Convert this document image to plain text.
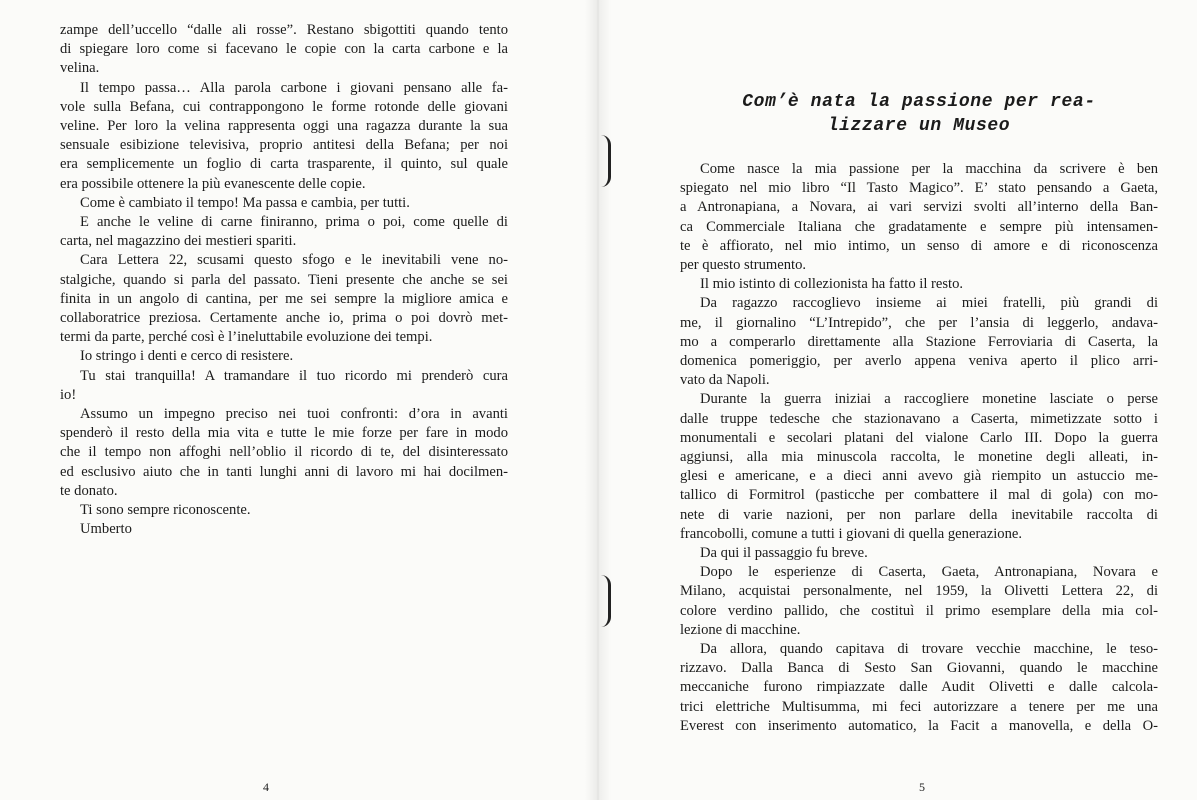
zampe dell’uccello “dalle ali rosse”. Restano sbigottiti quando tento
di spiegare loro come si facevano le copie con la carta carbone e la
velina.
Il tempo passa… Alla parola carbone i giovani pensano alle fa-
vole sulla Befana, cui contrappongono le forme rotonde delle giovani
veline. Per loro la velina rappresenta oggi una ragazza durante la sua
sensuale esibizione televisiva, proprio antitesi della Befana; per noi
era semplicemente un foglio di carta trasparente, il quinto, sul quale
era possibile ottenere la più evanescente delle copie.
Come è cambiato il tempo! Ma passa e cambia, per tutti.
E anche le veline di carne finiranno, prima o poi, come quelle di
carta, nel magazzino dei mestieri spariti.
Cara Lettera 22, scusami questo sfogo e le inevitabili vene no-
stalgiche, quando si parla del passato. Tieni presente che anche se sei
finita in un angolo di cantina, per me sei sempre la migliore amica e
collaboratrice preziosa. Certamente anche io, prima o poi dovrò met-
termi da parte, perché così è l’ineluttabile evoluzione dei tempi.
Io stringo i denti e cerco di resistere.
Tu stai tranquilla! A tramandare il tuo ricordo mi prenderò cura
io!
Assumo un impegno preciso nei tuoi confronti: d’ora in avanti
spenderò il resto della mia vita e tutte le mie forze per fare in modo
che il tempo non affoghi nell’oblio il ricordo di te, del disinteressato
ed esclusivo aiuto che in tanti lunghi anni di lavoro mi hai docilmen-
te donato.
Ti sono sempre riconoscente.
Umberto
Com’è nata la passione per rea-
lizzare un Museo
Come nasce la mia passione per la macchina da scrivere è ben
spiegato nel mio libro “Il Tasto Magico”. E’ stato pensando a Gaeta,
a Antronapiana, a Novara, ai vari servizi svolti all’interno della Ban-
ca Commerciale Italiana che gradatamente e sempre più intensamen-
te è affiorato, nel mio intimo, un senso di amore e di riconoscenza
per questo strumento.
Il mio istinto di collezionista ha fatto il resto.
Da ragazzo raccoglievo insieme ai miei fratelli, più grandi di
me, il giornalino “L’Intrepido”, che per l’ansia di leggerlo, andava-
mo a comperarlo direttamente alla Stazione Ferroviaria di Caserta, la
domenica pomeriggio, per averlo appena veniva aperto il plico arri-
vato da Napoli.
Durante la guerra iniziai a raccogliere monetine lasciate o perse
dalle truppe tedesche che stazionavano a Caserta, mimetizzate sotto i
monumentali e secolari platani del vialone Carlo III. Dopo la guerra
aggiunsi, alla mia minuscola raccolta, le monetine degli alleati, in-
glesi e americane, e a dieci anni avevo già riempito un astuccio me-
tallico di Formitrol (pasticche per combattere il mal di gola) con mo-
nete di varie nazioni, per non parlare della inevitabile raccolta di
francobolli, comune a tutti i giovani di quella generazione.
Da qui il passaggio fu breve.
Dopo le esperienze di Caserta, Gaeta, Antronapiana, Novara e
Milano, acquistai personalmente, nel 1959, la Olivetti Lettera 22, di
colore verdino pallido, che costituì il primo esemplare della mia col-
lezione di macchine.
Da allora, quando capitava di trovare vecchie macchine, le teso-
rizzavo. Dalla Banca di Sesto San Giovanni, quando le macchine
meccaniche furono rimpiazzate dalle Audit Olivetti e dalle calcola-
trici elettriche Multisumma, mi feci autorizzare a tenere per me una
Everest con inserimento automatico, la Facit a manovella, e della O-
4	5
